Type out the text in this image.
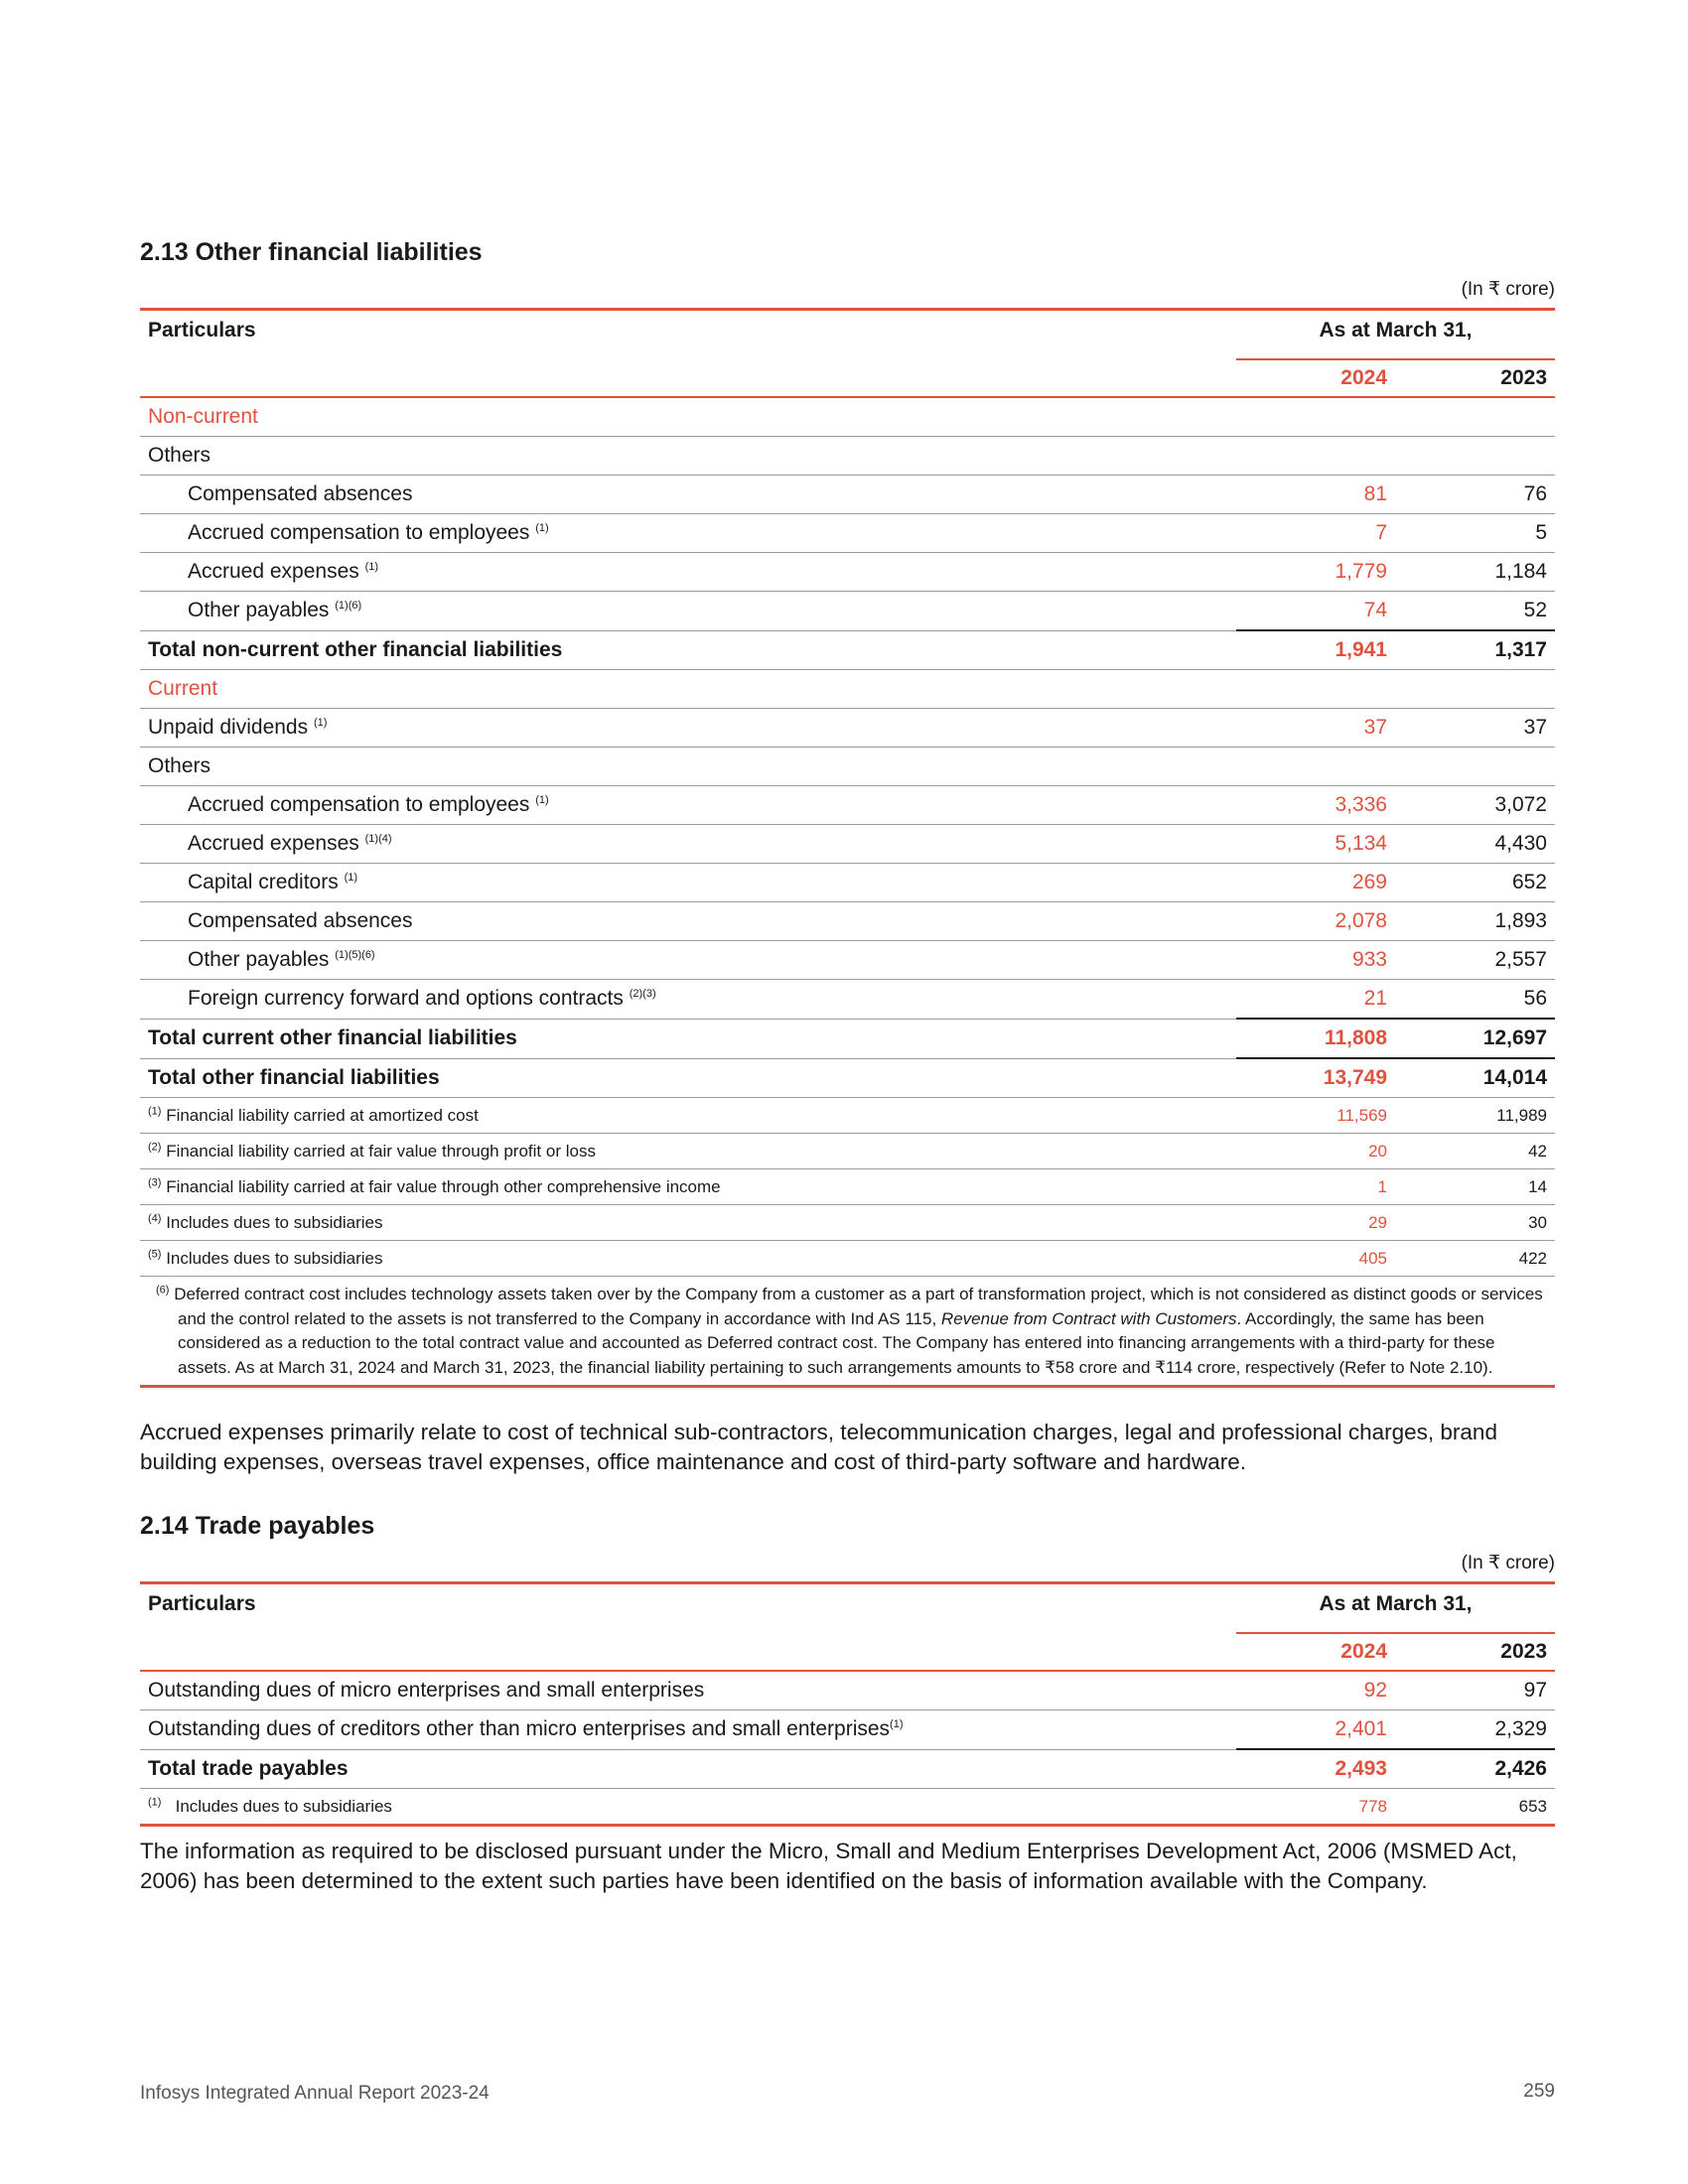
2.13 Other financial liabilities
(In ₹ crore)
Particulars	As at March 31,	
	2024	2023
Non-current		
Others		
Compensated absences	81	76
Accrued compensation to employees $^{(1)}$	7	5
Accrued expenses $^{(1)}$	1,779	1,184
Other payables $^{(1)(6)}$	74	52
Total non-current other financial liabilities	1,941	1,317
Current		
Unpaid dividends $^{(1)}$	37	37
Others		
Accrued compensation to employees $^{(1)}$	3,336	3,072
Accrued expenses $^{(1)(4)}$	5,134	4,430
Capital creditors $^{(1)}$	269	652
Compensated absences	2,078	1,893
Other payables $^{(1)(5)(6)}$	933	2,557
Foreign currency forward and options contracts $^{(2)(3)}$	21	56
Total current other financial liabilities	11,808	12,697
Total other financial liabilities	13,749	14,014
$^{(1)}$ Financial liability carried at amortized cost	11,569	11,989
$^{(2)}$ Financial liability carried at fair value through profit or loss	20	42
$^{(3)}$ Financial liability carried at fair value through other comprehensive income	1	14
$^{(4)}$ Includes dues to subsidiaries	29	30
$^{(5)}$ Includes dues to subsidiaries	405	422

$^{(6)}$ Deferred contract cost includes technology assets taken over by the Company from a customer as a part of transformation project, which is not considered as distinct goods or services and the control related to the assets is not transferred to the Company in accordance with Ind AS 115, Revenue from Contract with Customers. Accordingly, the same has been considered as a reduction to the total contract value and accounted as Deferred contract cost. The Company has entered into financing arrangements with a third-party for these assets. As at March 31, 2024 and March 31, 2023, the financial liability pertaining to such arrangements amounts to ₹58 crore and ₹114 crore, respectively (Refer to Note 2.10).		
Accrued expenses primarily relate to cost of technical sub-contractors, telecommunication charges, legal and professional charges, brand building expenses, overseas travel expenses, office maintenance and cost of third-party software and hardware.
2.14 Trade payables
(In ₹ crore)
Particulars	As at March 31,	
	2024	2023
Outstanding dues of micro enterprises and small enterprises	92	97
Outstanding dues of creditors other than micro enterprises and small enterprises$^{(1)}$	2,401	2,329
Total trade payables	2,493	2,426
$^{(1)}$ Includes dues to subsidiaries	778	653
The information as required to be disclosed pursuant under the Micro, Small and Medium Enterprises Development Act, 2006 (MSMED Act, 2006) has been determined to the extent such parties have been identified on the basis of information available with the Company.
Infosys Integrated Annual Report 2023-24	259
